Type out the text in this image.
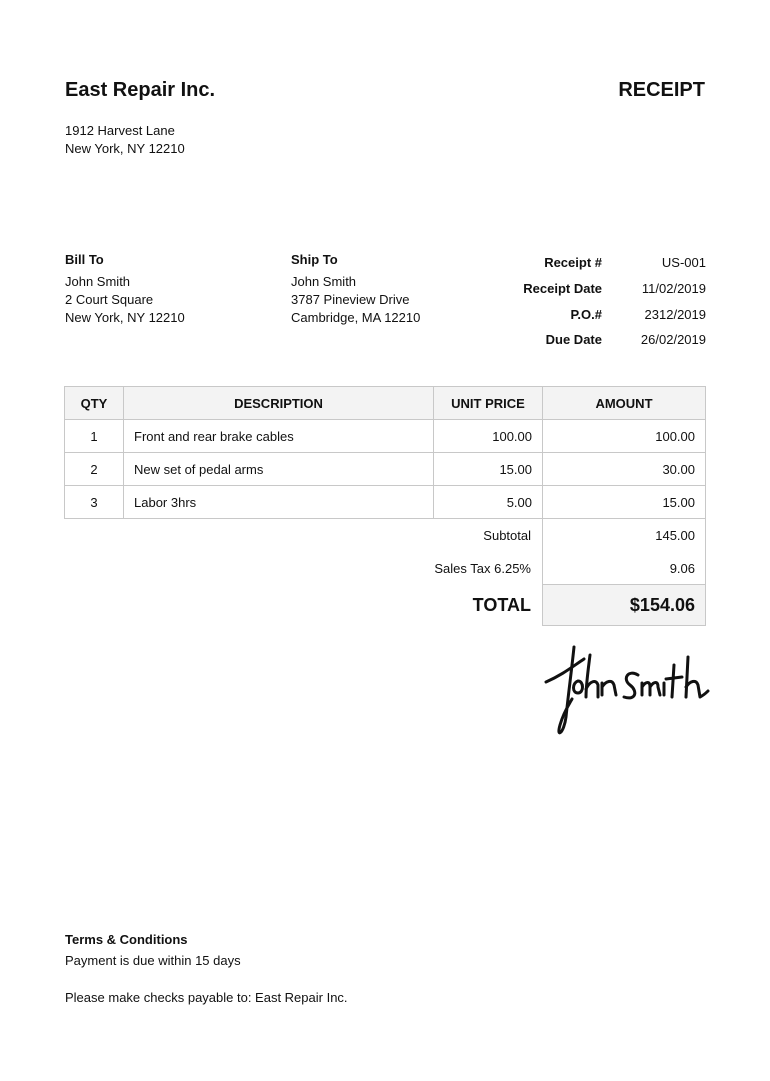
East Repair Inc.	RECEIPT
1912 Harvest Lane
New York, NY 12210
Bill To
John Smith
2 Court Square
New York, NY 12210
Ship To
John Smith
3787 Pineview Drive
Cambridge, MA 12210
Receipt #	US-001
Receipt Date	11/02/2019
P.O.#	2312/2019
Due Date	26/02/2019
QTY	DESCRIPTION	UNIT PRICE	AMOUNT
1	Front and rear brake cables	100.00	100.00
2	New set of pedal arms	15.00	30.00
3	Labor 3hrs	5.00	15.00
Subtotal	145.00
Sales Tax 6.25%	9.06
TOTAL	$154.06
Terms & Conditions
Payment is due within 15 days
Please make checks payable to: East Repair Inc.
